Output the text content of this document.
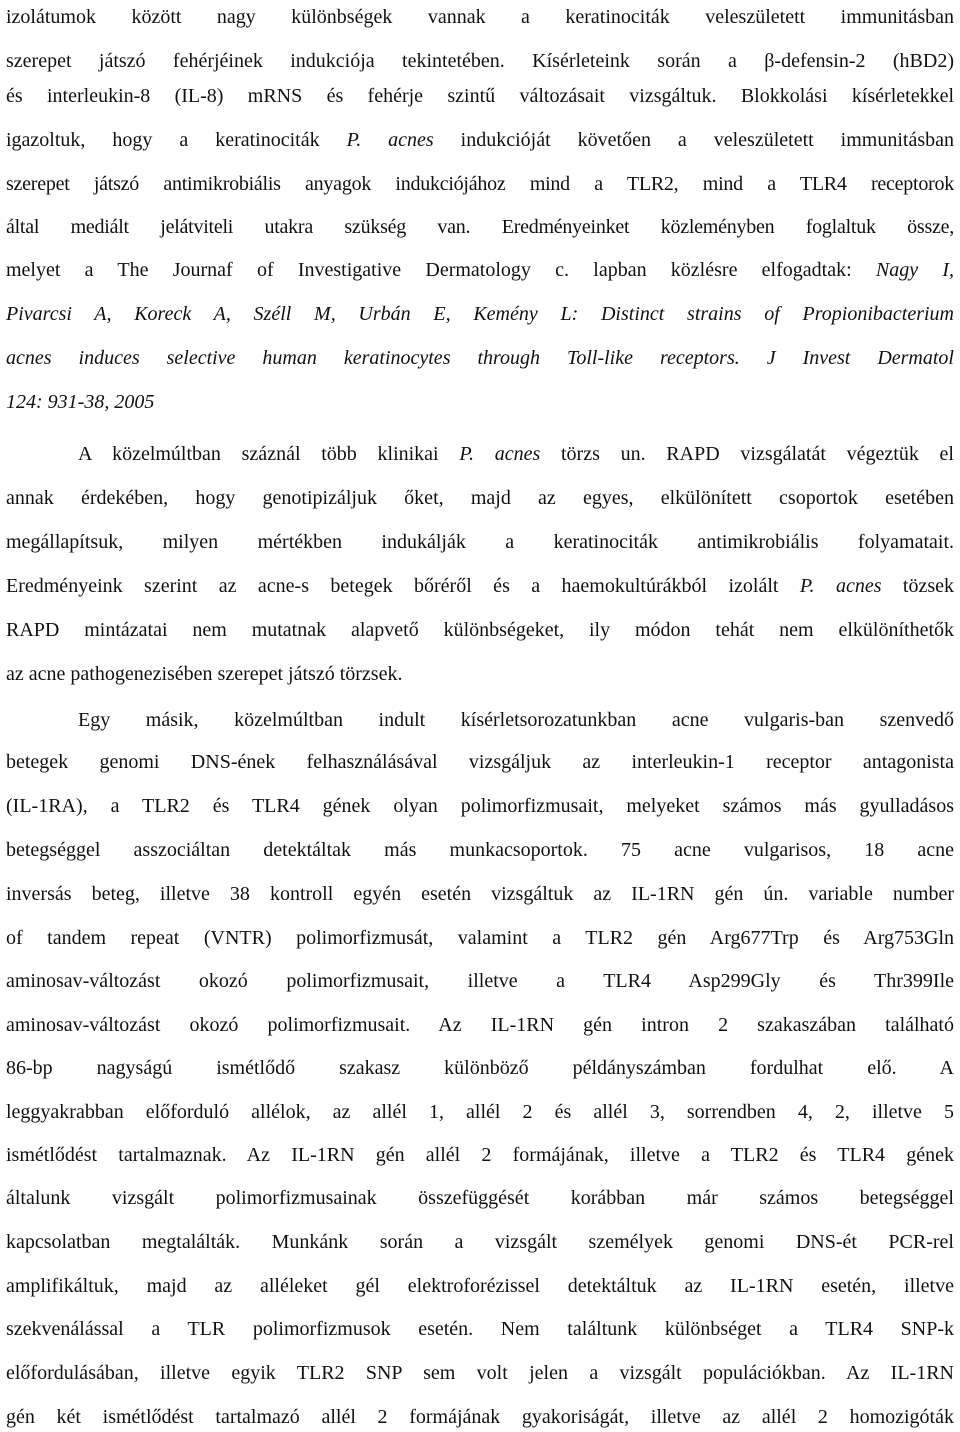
izolátumok között nagy különbségek vannak a keratinociták veleszületett immunitásban
szerepet játszó fehérjéinek indukciója tekintetében. Kísérleteink során a β-defensin-2 (hBD2)
és interleukin-8 (IL-8) mRNS és fehérje szintű változásait vizsgáltuk. Blokkolási kísérletekkel
igazoltuk, hogy a keratinociták P. acnes indukcióját követően a veleszületett immunitásban
szerepet játszó antimikrobiális anyagok indukciójához mind a TLR2, mind a TLR4 receptorok
által mediált jelátviteli utakra szükség van. Eredményeinket közleményben foglaltuk össze,
melyet a The Journaf of Investigative Dermatology c. lapban közlésre elfogadtak: Nagy I,
Pivarcsi A, Koreck A, Széll M, Urbán E, Kemény L: Distinct strains of Propionibacterium
acnes induces selective human keratinocytes through Toll-like receptors. J Invest Dermatol
124: 931-38, 2005
A közelmúltban száznál több klinikai P. acnes törzs un. RAPD vizsgálatát végeztük el
annak érdekében, hogy genotipizáljuk őket, majd az egyes, elkülönített csoportok esetében
megállapítsuk, milyen mértékben indukálják a keratinociták antimikrobiális folyamatait.
Eredményeink szerint az acne-s betegek bőréről és a haemokultúrákból izolált P. acnes tözsek
RAPD mintázatai nem mutatnak alapvető különbségeket, ily módon tehát nem elkülöníthetők
az acne pathogenezisében szerepet játszó törzsek.
Egy másik, közelmúltban indult kísérletsorozatunkban acne vulgaris-ban szenvedő
betegek genomi DNS-ének felhasználásával vizsgáljuk az interleukin-1 receptor antagonista
(IL-1RA), a TLR2 és TLR4 gének olyan polimorfizmusait, melyeket számos más gyulladásos
betegséggel asszociáltan detektáltak más munkacsoportok. 75 acne vulgarisos, 18 acne
inversás beteg, illetve 38 kontroll egyén esetén vizsgáltuk az IL-1RN gén ún. variable number
of tandem repeat (VNTR) polimorfizmusát, valamint a TLR2 gén Arg677Trp és Arg753Gln
aminosav-változást okozó polimorfizmusait, illetve a TLR4 Asp299Gly és Thr399Ile
aminosav-változást okozó polimorfizmusait. Az IL-1RN gén intron 2 szakaszában található
86-bp nagyságú ismétlődő szakasz különböző példányszámban fordulhat elő. A
leggyakrabban előforduló allélok, az allél 1, allél 2 és allél 3, sorrendben 4, 2, illetve 5
ismétlődést tartalmaznak. Az IL-1RN gén allél 2 formájának, illetve a TLR2 és TLR4 gének
általunk vizsgált polimorfizmusainak összefüggését korábban már számos betegséggel
kapcsolatban megtalálták. Munkánk során a vizsgált személyek genomi DNS-ét PCR-rel
amplifikáltuk, majd az alléleket gél elektroforézissel detektáltuk az IL-1RN esetén, illetve
szekvenálással a TLR polimorfizmusok esetén. Nem találtunk különbséget a TLR4 SNP-k
előfordulásában, illetve egyik TLR2 SNP sem volt jelen a vizsgált populációkban. Az IL-1RN
gén két ismétlődést tartalmazó allél 2 formájának gyakoriságát, illetve az allél 2 homozigóták
